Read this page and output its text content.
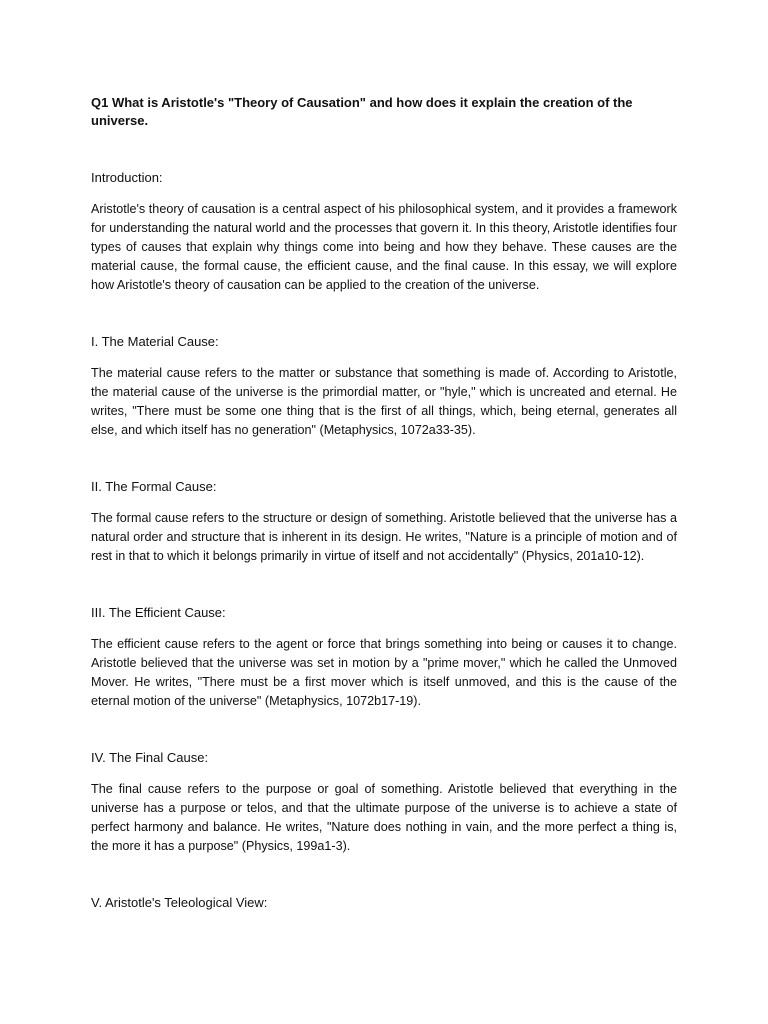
Q1 What is Aristotle's "Theory of Causation" and how does it explain the creation of the universe.
Introduction:
Aristotle's theory of causation is a central aspect of his philosophical system, and it provides a framework for understanding the natural world and the processes that govern it. In this theory, Aristotle identifies four types of causes that explain why things come into being and how they behave. These causes are the material cause, the formal cause, the efficient cause, and the final cause. In this essay, we will explore how Aristotle's theory of causation can be applied to the creation of the universe.
I. The Material Cause:
The material cause refers to the matter or substance that something is made of. According to Aristotle, the material cause of the universe is the primordial matter, or "hyle," which is uncreated and eternal. He writes, "There must be some one thing that is the first of all things, which, being eternal, generates all else, and which itself has no generation" (Metaphysics, 1072a33-35).
II. The Formal Cause:
The formal cause refers to the structure or design of something. Aristotle believed that the universe has a natural order and structure that is inherent in its design. He writes, "Nature is a principle of motion and of rest in that to which it belongs primarily in virtue of itself and not accidentally" (Physics, 201a10-12).
III. The Efficient Cause:
The efficient cause refers to the agent or force that brings something into being or causes it to change. Aristotle believed that the universe was set in motion by a "prime mover," which he called the Unmoved Mover. He writes, "There must be a first mover which is itself unmoved, and this is the cause of the eternal motion of the universe" (Metaphysics, 1072b17-19).
IV. The Final Cause:
The final cause refers to the purpose or goal of something. Aristotle believed that everything in the universe has a purpose or telos, and that the ultimate purpose of the universe is to achieve a state of perfect harmony and balance. He writes, "Nature does nothing in vain, and the more perfect a thing is, the more it has a purpose" (Physics, 199a1-3).
V. Aristotle's Teleological View:
